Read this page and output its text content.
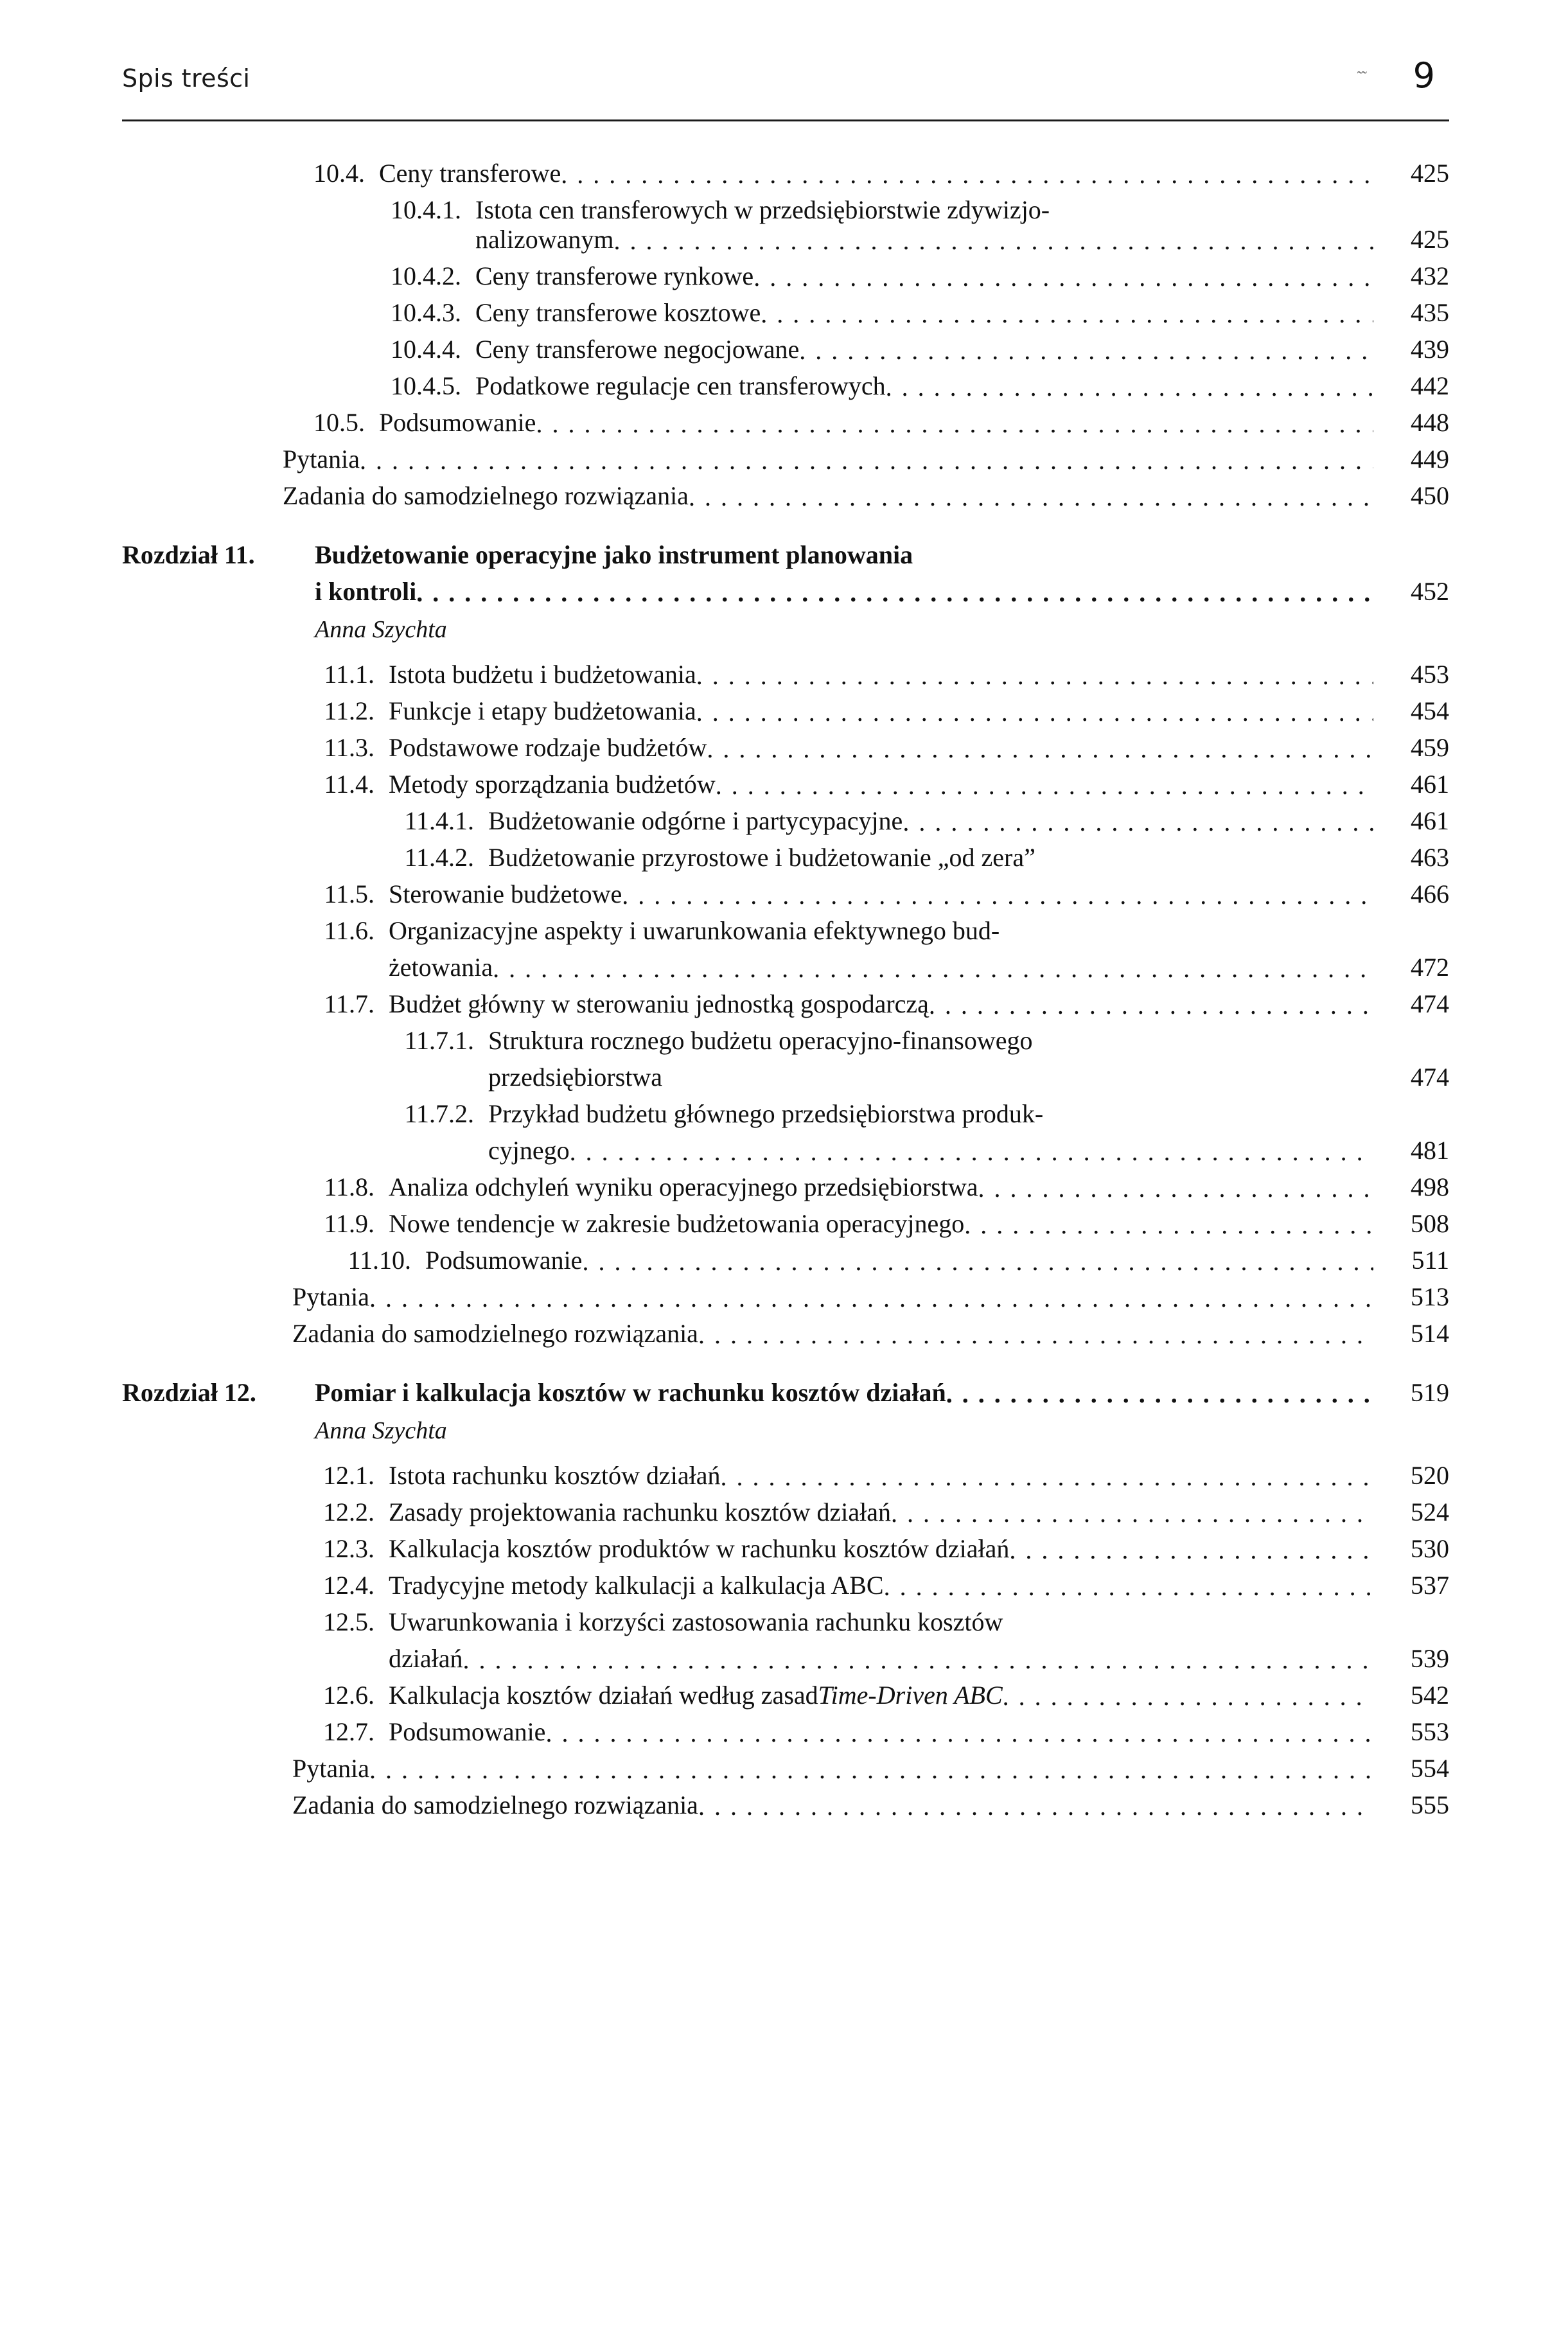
Spis treści	˜˜ 9
10.4. Ceny transferowe . . .	425
10.4.1. Istota cen transferowych w przedsiębiorstwie zdywizjo-
nalizowanym . . .	425
10.4.2. Ceny transferowe rynkowe . . .	432
10.4.3. Ceny transferowe kosztowe . . .	435
10.4.4. Ceny transferowe negocjowane . . .	439
10.4.5. Podatkowe regulacje cen transferowych . . .	442
10.5. Podsumowanie . . .	448
Pytania . . .	449
Zadania do samodzielnego rozwiązania . . .	450
Rozdział 11.	Budżetowanie operacyjne jako instrument planowania
i kontroli . . .	452
Anna Szychta
11.1. Istota budżetu i budżetowania . . .	453
11.2. Funkcje i etapy budżetowania . . .	454
11.3. Podstawowe rodzaje budżetów . . .	459
11.4. Metody sporządzania budżetów . . .	461
11.4.1. Budżetowanie odgórne i partycypacyjne . . .	461
11.4.2. Budżetowanie przyrostowe i budżetowanie „od zera”	463
11.5. Sterowanie budżetowe . . .	466
11.6. Organizacyjne aspekty i uwarunkowania efektywnego bud-
żetowania . . .	472
11.7. Budżet główny w sterowaniu jednostką gospodarczą . . .	474
11.7.1. Struktura rocznego budżetu operacyjno-finansowego
przedsiębiorstwa	474
11.7.2. Przykład budżetu głównego przedsiębiorstwa produk-
cyjnego . . .	481
11.8. Analiza odchyleń wyniku operacyjnego przedsiębiorstwa . . .	498
11.9. Nowe tendencje w zakresie budżetowania operacyjnego . . .	508
11.10. Podsumowanie . . .	511
Pytania . . .	513
Zadania do samodzielnego rozwiązania . . .	514
Rozdział 12.	Pomiar i kalkulacja kosztów w rachunku kosztów działań . . .	519
Anna Szychta
12.1. Istota rachunku kosztów działań . . .	520
12.2. Zasady projektowania rachunku kosztów działań . . .	524
12.3. Kalkulacja kosztów produktów w rachunku kosztów działań . . .	530
12.4. Tradycyjne metody kalkulacji a kalkulacja ABC . . .	537
12.5. Uwarunkowania i korzyści zastosowania rachunku kosztów
działań . . .	539
12.6. Kalkulacja kosztów działań według zasad Time-Driven ABC . . .	542
12.7. Podsumowanie . . .	553
Pytania . . .	554
Zadania do samodzielnego rozwiązania . . .	555
